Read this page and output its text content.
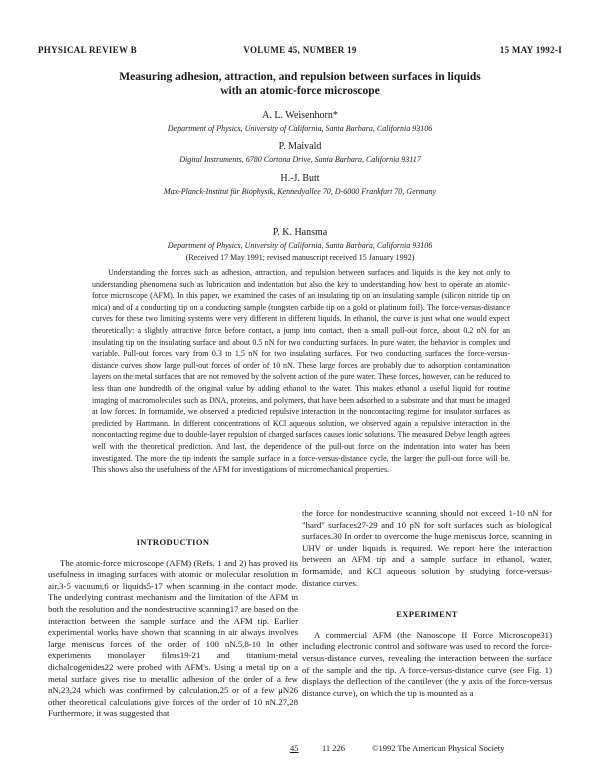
PHYSICAL REVIEW B	VOLUME 45, NUMBER 19	15 MAY 1992-I
Measuring adhesion, attraction, and repulsion between surfaces in liquids
with an atomic-force microscope
A. L. Weisenhorn*
Department of Physics, University of California, Santa Barbara, California 93106
P. Maivald
Digital Instruments, 6780 Cortona Drive, Santa Barbara, California 93117
H.-J. Butt
Max-Planck-Institut für Biophysik, Kennedyallee 70, D-6000 Frankfurt 70, Germany
P. K. Hansma
Department of Physics, University of California, Santa Barbara, California 93106
(Received 17 May 1991; revised manuscript received 15 January 1992)
Understanding the forces such as adhesion, attraction, and repulsion between surfaces and liquids is the key not only to understanding phenomena such as lubrication and indentation but also the key to understanding how best to operate an atomic-force microscope (AFM). In this paper, we examined the cases of an insulating tip on an insulating sample (silicon nitride tip on mica) and of a conducting tip on a conducting sample (tungsten carbide tip on a gold or platinum foil). The force-versus-distance curves for these two limiting systems were very different in different liquids. In ethanol, the curve is just what one would expect theoretically: a slightly attractive force before contact, a jump into contact, then a small pull-out force, about 0.2 nN for an insulating tip on the insulating surface and about 0.5 nN for two conducting surfaces. In pure water, the behavior is complex and variable. Pull-out forces vary from 0.3 to 1.5 nN for two insulating surfaces. For two conducting surfaces the force-versus-distance curves show large pull-out forces of order of 10 nN. These large forces are probably due to adsorption contamination layers on the metal surfaces that are not removed by the solvent action of the pure water. These forces, however, can be reduced to less than one hundredth of the original value by adding ethanol to the water. This makes ethanol a useful liquid for routine imaging of macromolecules such as DNA, proteins, and polymers, that have been adsorbed to a substrate and that must be imaged at low forces. In formamide, we observed a predicted repulsive interaction in the noncontacting regime for insulator surfaces as predicted by Hartmann. In different concentrations of KCl aqueous solution, we observed again a repulsive interaction in the noncontacting regime due to double-layer repulsion of charged surfaces causes ionic solutions. The measured Debye length agrees well with the theoretical prediction. And last, the dependence of the pull-out force on the indentation into water has been investigated. The more the tip indents the sample surface in a force-versus-distance cycle, the larger the pull-out force will be. This shows also the usefulness of the AFM for investigations of micromechanical properties.
INTRODUCTION

The atomic-force microscope (AFM) (Refs. 1 and 2) has proved its usefulness in imaging surfaces with atomic or molecular resolution in air,3-5 vacuum,6 or liquids5-17 when scanning in the contact mode. The underlying contrast mechanism and the limitation of the AFM in both the resolution and the nondestructive scanning17 are based on the interaction between the sample surface and the AFM tip. Earlier experimental works have shown that scanning in air always involves large meniscus forces of the order of 100 nN.5,8-10 In other experiments monolayer films19-21 and titanium-metal dichalcogenides22 were probed with AFM's. Using a metal tip on a metal surface gives rise to metallic adhesion of the order of a few nN,23,24 which was confirmed by calculation,25 or of a few μN26 other theoretical calculations give forces of the order of 10 nN.27,28 Furthermore, it was suggested that

the force for nondestructive scanning should not exceed 1-10 nN for "hard" surfaces27-29 and 10 pN for soft surfaces such as biological surfaces.30 In order to overcome the huge meniscus force, scanning in UHV or under liquids is required. We report here the interaction between an AFM tip and a sample surface in ethanol, water, formamide, and KCl aqueous solution by studying force-versus-distance curves.

EXPERIMENT

A commercial AFM (the Nanoscope II Force Microscope31) including electronic control and software was used to record the force-versus-distance curves, revealing the interaction between the surface of the sample and the tip. A force-versus-distance curve (see Fig. 1) displays the deflection of the cantilever (the y axis of the force-versus distance curve), on which the tip is mounted as a

45	11 226	©1992 The American Physical Society
